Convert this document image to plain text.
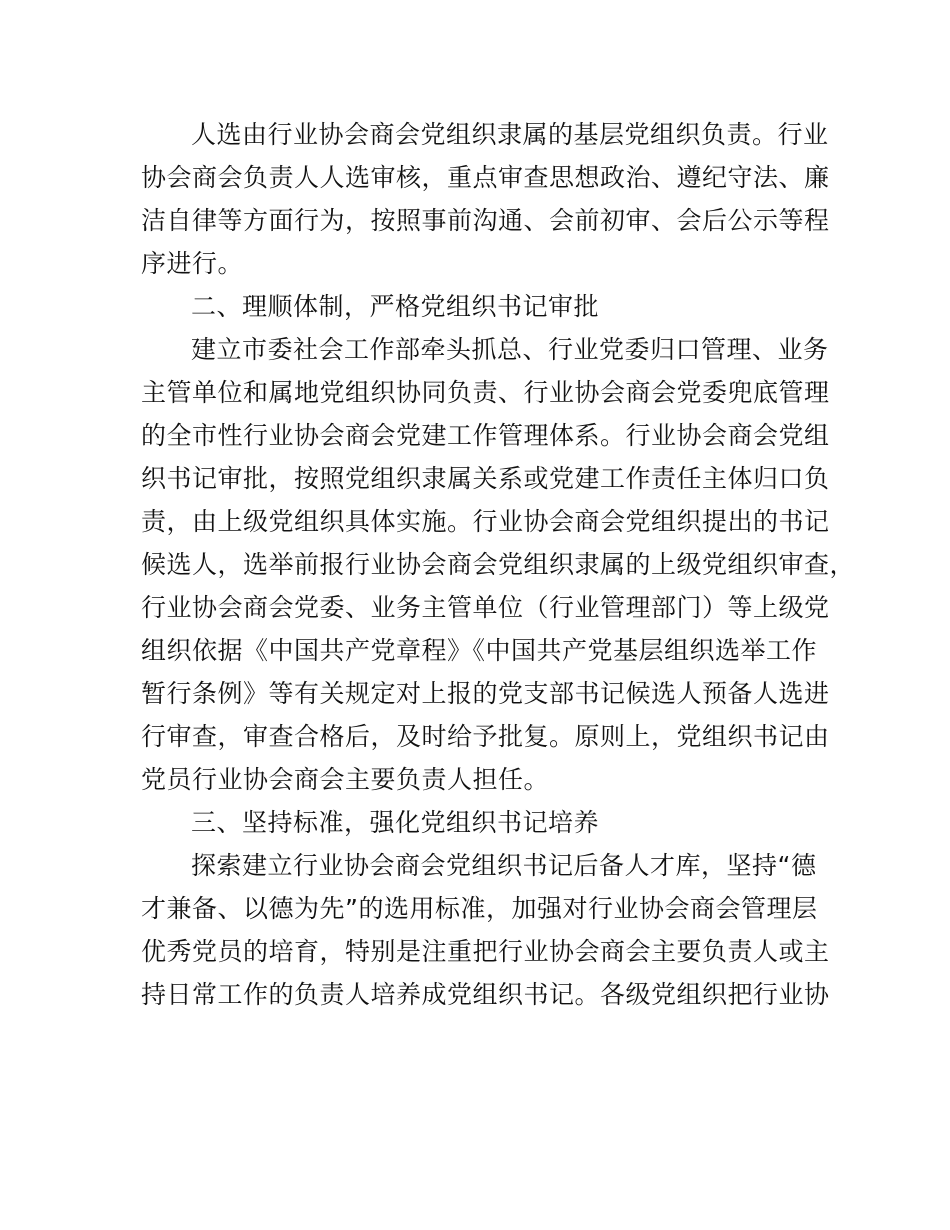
人选由行业协会商会党组织隶属的基层党组织负责。行业
协会商会负责人人选审核，重点审查思想政治、遵纪守法、廉
洁自律等方面行为，按照事前沟通、会前初审、会后公示等程
序进行。
二、理顺体制，严格党组织书记审批
建立市委社会工作部牵头抓总、行业党委归口管理、业务
主管单位和属地党组织协同负责、行业协会商会党委兜底管理
的全市性行业协会商会党建工作管理体系。行业协会商会党组
织书记审批，按照党组织隶属关系或党建工作责任主体归口负
责，由上级党组织具体实施。行业协会商会党组织提出的书记
候选人，选举前报行业协会商会党组织隶属的上级党组织审查，
行业协会商会党委、业务主管单位（行业管理部门）等上级党
组织依据《中国共产党章程》《中国共产党基层组织选举工作
暂行条例》等有关规定对上报的党支部书记候选人预备人选进
行审查，审查合格后，及时给予批复。原则上，党组织书记由
党员行业协会商会主要负责人担任。
三、坚持标准，强化党组织书记培养
探索建立行业协会商会党组织书记后备人才库，坚持“德
才兼备、以德为先”的选用标准，加强对行业协会商会管理层
优秀党员的培育，特别是注重把行业协会商会主要负责人或主
持日常工作的负责人培养成党组织书记。各级党组织把行业协
